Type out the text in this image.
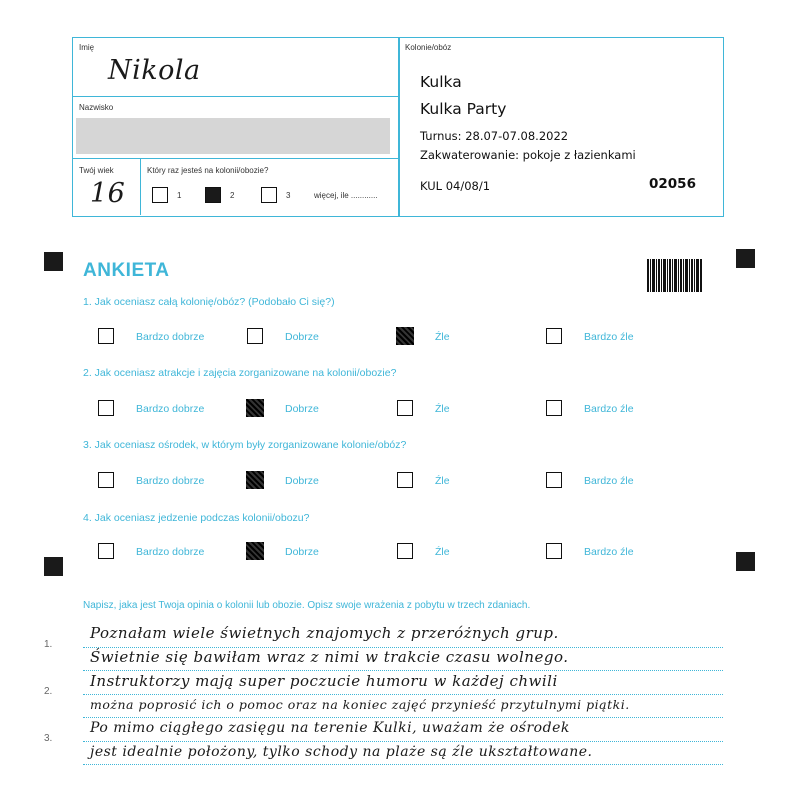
Imię
Nikola
Nazwisko
Twój wiek
16
Który raz jesteś na kolonii/obozie?
1	2	3	więcej, ile ............
Kolonie/obóz
Kulka
Kulka Party
Turnus: 28.07-07.08.2022
Zakwaterowanie: pokoje z łazienkami
KUL 04/08/1	02056
ANKIETA
1. Jak oceniasz całą kolonię/obóz? (Podobało Ci się?)
2. Jak oceniasz atrakcje i zajęcia zorganizowane na kolonii/obozie?
3. Jak oceniasz ośrodek, w którym były zorganizowane kolonie/obóz?
4. Jak oceniasz jedzenie podczas kolonii/obozu?
Bardzo dobrze	Dobrze	Źle	Bardzo źle
Bardzo dobrze	Dobrze	Źle	Bardzo źle
Bardzo dobrze	Dobrze	Źle	Bardzo źle
Bardzo dobrze	Dobrze	Źle	Bardzo źle
Napisz, jaka jest Twoja opinia o kolonii lub obozie. Opisz swoje wrażenia z pobytu w trzech zdaniach.
1.
2.
3.
Poznałam wiele świetnych znajomych z przeróżnych grup.
Świetnie się bawiłam wraz z nimi w trakcie czasu wolnego.
Instruktorzy mają super poczucie humoru w każdej chwili
można poprosić ich o pomoc oraz na koniec zajęć przynieść przytulnymi piątki.
Po mimo ciągłego zasięgu na terenie Kulki, uważam że ośrodek
jest idealnie położony, tylko schody na plaże są źle ukształtowane.
